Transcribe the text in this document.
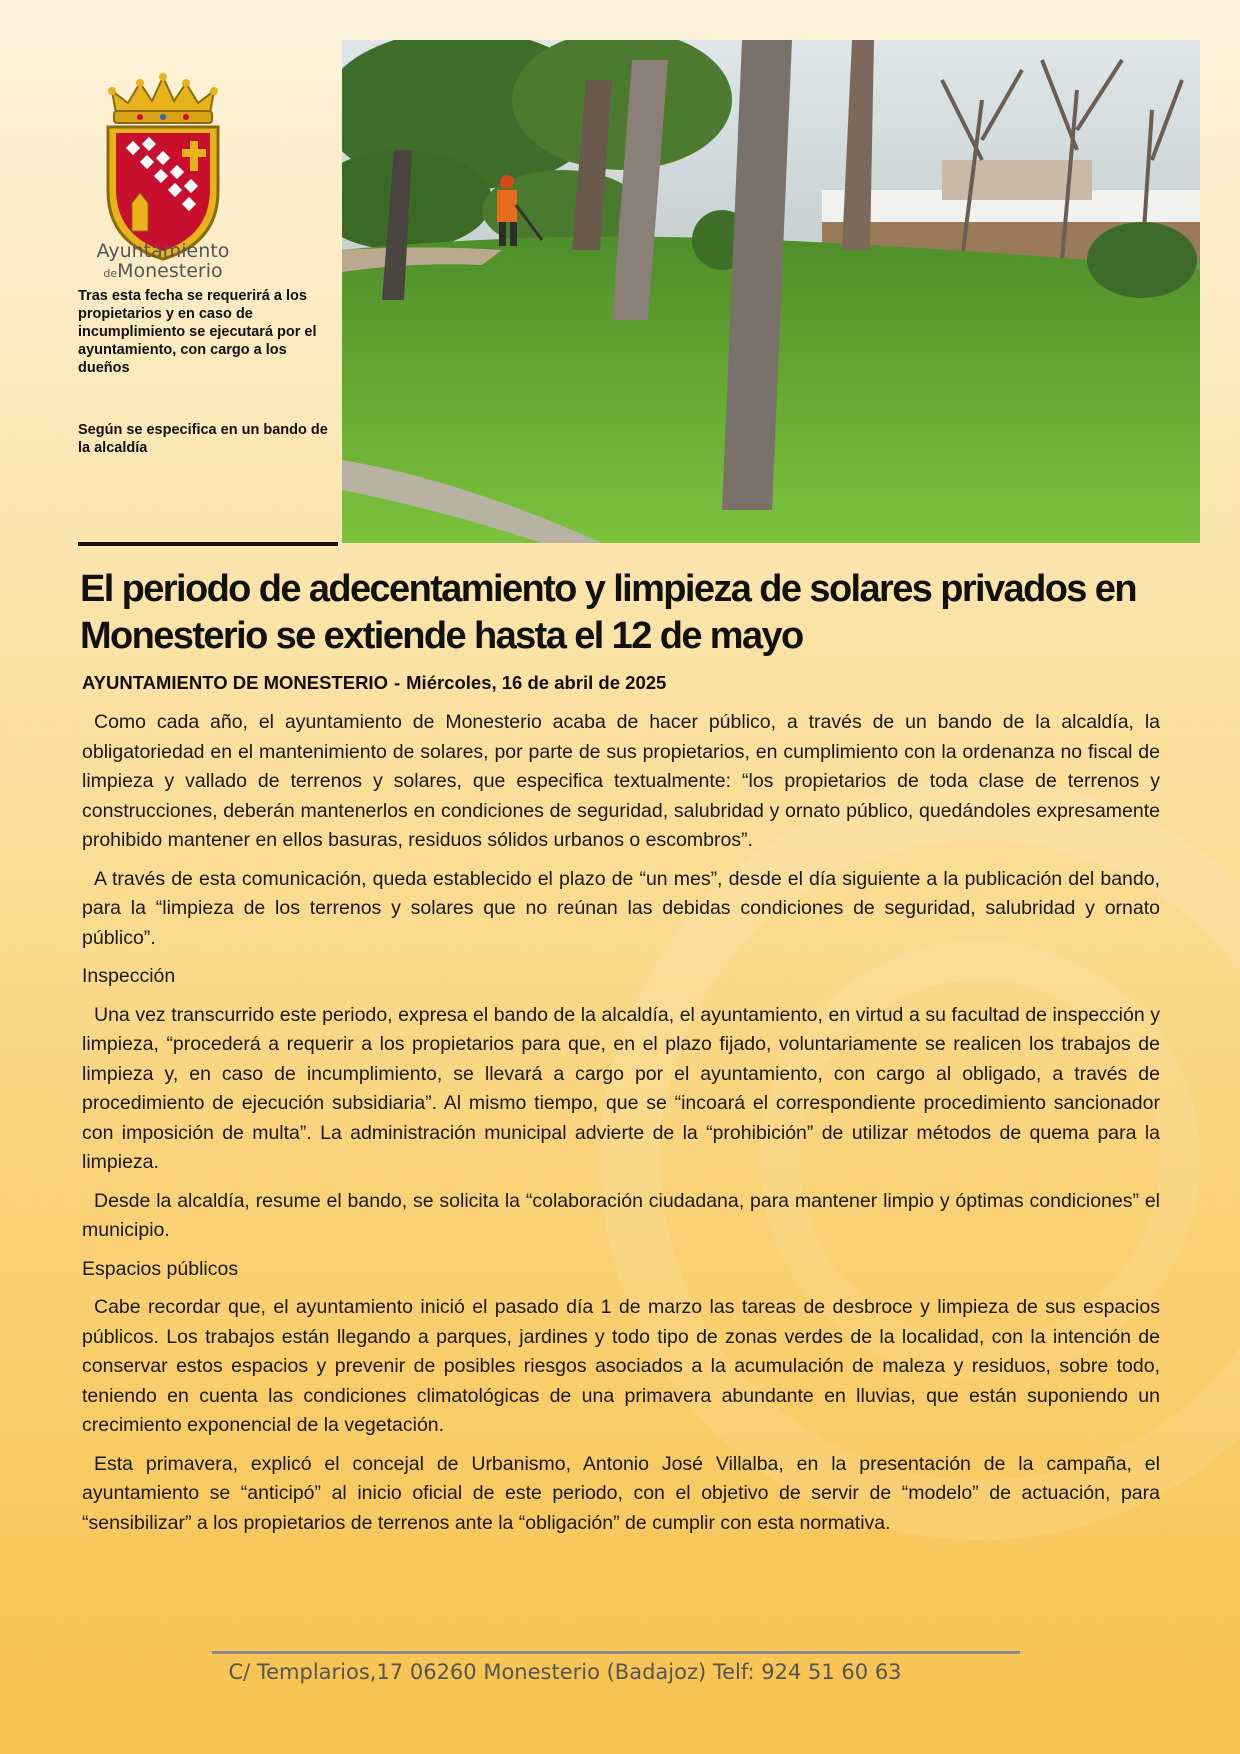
Ayuntamiento
deMonesterio
Tras esta fecha se requerirá a los propietarios y en caso de incumplimiento se ejecutará por el ayuntamiento, con cargo a los dueños
Según se especifica en un bando de la alcaldía
El periodo de adecentamiento y limpieza de solares privados en Monesterio se extiende hasta el 12 de mayo
AYUNTAMIENTO DE MONESTERIO - Miércoles, 16 de abril de 2025

Como cada año, el ayuntamiento de Monesterio acaba de hacer público, a través de un bando de la alcaldía, la obligatoriedad en el mantenimiento de solares, por parte de sus propietarios, en cumplimiento con la ordenanza no fiscal de limpieza y vallado de terrenos y solares, que especifica textualmente: “los propietarios de toda clase de terrenos y construcciones, deberán mantenerlos en condiciones de seguridad, salubridad y ornato público, quedándoles expresamente prohibido mantener en ellos basuras, residuos sólidos urbanos o escombros”.

A través de esta comunicación, queda establecido el plazo de “un mes”, desde el día siguiente a la publicación del bando, para la “limpieza de los terrenos y solares que no reúnan las debidas condiciones de seguridad, salubridad y ornato público”.

Inspección

Una vez transcurrido este periodo, expresa el bando de la alcaldía, el ayuntamiento, en virtud a su facultad de inspección y limpieza, “procederá a requerir a los propietarios para que, en el plazo fijado, voluntariamente se realicen los trabajos de limpieza y, en caso de incumplimiento, se llevará a cargo por el ayuntamiento, con cargo al obligado, a través de procedimiento de ejecución subsidiaria”. Al mismo tiempo, que se “incoará el correspondiente procedimiento sancionador con imposición de multa”. La administración municipal advierte de la “prohibición” de utilizar métodos de quema para la limpieza.

Desde la alcaldía, resume el bando, se solicita la “colaboración ciudadana, para mantener limpio y óptimas condiciones” el municipio.

Espacios públicos

Cabe recordar que, el ayuntamiento inició el pasado día 1 de marzo las tareas de desbroce y limpieza de sus espacios públicos. Los trabajos están llegando a parques, jardines y todo tipo de zonas verdes de la localidad, con la intención de conservar estos espacios y prevenir de posibles riesgos asociados a la acumulación de maleza y residuos, sobre todo, teniendo en cuenta las condiciones climatológicas de una primavera abundante en lluvias, que están suponiendo un crecimiento exponencial de la vegetación.

Esta primavera, explicó el concejal de Urbanismo, Antonio José Villalba, en la presentación de la campaña, el ayuntamiento se “anticipó” al inicio oficial de este periodo, con el objetivo de servir de “modelo” de actuación, para “sensibilizar” a los propietarios de terrenos ante la “obligación” de cumplir con esta normativa.

C/ Templarios,17 06260 Monesterio (Badajoz) Telf: 924 51 60 63
